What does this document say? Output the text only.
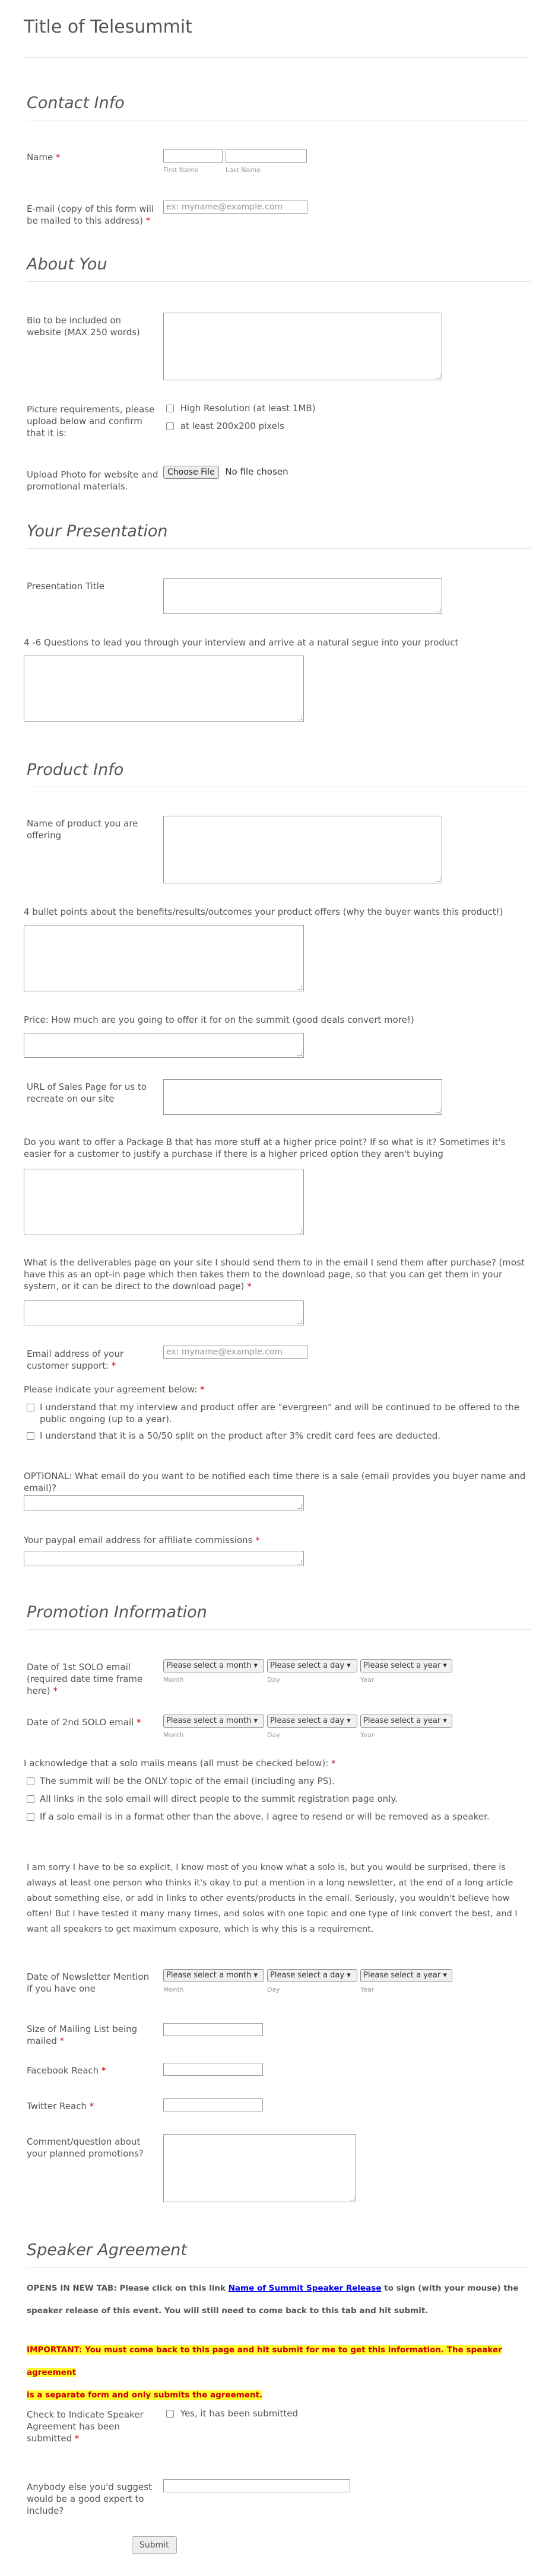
Title of Telesummit
Contact Info
Name *
First Name	Last Name
E-mail (copy of this form will be mailed to this address) *
ex: myname@example.com
About You
Bio to be included on website (MAX 250 words)
Picture requirements, please upload below and confirm that it is:
High Resolution (at least 1MB)
at least 200x200 pixels
Upload Photo for website and promotional materials.
Choose File No file chosen
Your Presentation
Presentation Title
4 -6 Questions to lead you through your interview and arrive at a natural segue into your product
Product Info
Name of product you are offering
4 bullet points about the benefits/results/outcomes your product offers (why the buyer wants this product!)
Price: How much are you going to offer it for on the summit (good deals convert more!)
URL of Sales Page for us to recreate on our site
Do you want to offer a Package B that has more stuff at a higher price point? If so what is it? Sometimes it's easier for a customer to justify a purchase if there is a higher priced option they aren't buying
What is the deliverables page on your site I should send them to in the email I send them after purchase? (most have this as an opt-in page which then takes them to the download page, so that you can get them in your system, or it can be direct to the download page) *
Email address of your customer support: *
ex: myname@example.com
Please indicate your agreement below: *
I understand that my interview and product offer are "evergreen" and will be continued to be offered to the public ongoing (up to a year).
I understand that it is a 50/50 split on the product after 3% credit card fees are deducted.
OPTIONAL: What email do you want to be notified each time there is a sale (email provides you buyer name and email)?
Your paypal email address for affiliate commissions *
Promotion Information
Date of 1st SOLO email (required date time frame here) *
Please select a month ▾
Month
Please select a day ▾
Day
Please select a year ▾
Year
Date of 2nd SOLO email *	Please select a month ▾
Month
Please select a day ▾
Day
Please select a year ▾
Year
I acknowledge that a solo mails means (all must be checked below): *
The summit will be the ONLY topic of the email (including any PS).
All links in the solo email will direct people to the summit registration page only.
If a solo email is in a format other than the above, I agree to resend or will be removed as a speaker.
I am sorry I have to be so explicit, I know most of you know what a solo is, but you would be surprised, there is always at least one person who thinks it's okay to put a mention in a long newsletter, at the end of a long article about something else, or add in links to other events/products in the email. Seriously, you wouldn't believe how often! But I have tested it many many times, and solos with one topic and one type of link convert the best, and I want all speakers to get maximum exposure, which is why this is a requirement.
Date of Newsletter Mention if you have one
Please select a month ▾
Month
Please select a day ▾
Day
Please select a year ▾
Year
Size of Mailing List being mailed *
Facebook Reach *
Twitter Reach *
Comment/question about your planned promotions?
Speaker Agreement
OPENS IN NEW TAB: Please click on this link Name of Summit Speaker Release to sign (with your mouse) the speaker release of this event. You will still need to come back to this tab and hit submit.
IMPORTANT: You must come back to this page and hit submit for me to get this information. The speaker agreement
is a separate form and only submits the agreement.
Check to Indicate Speaker Agreement has been submitted *
Yes, it has been submitted
Anybody else you'd suggest would be a good expert to include?
Submit
